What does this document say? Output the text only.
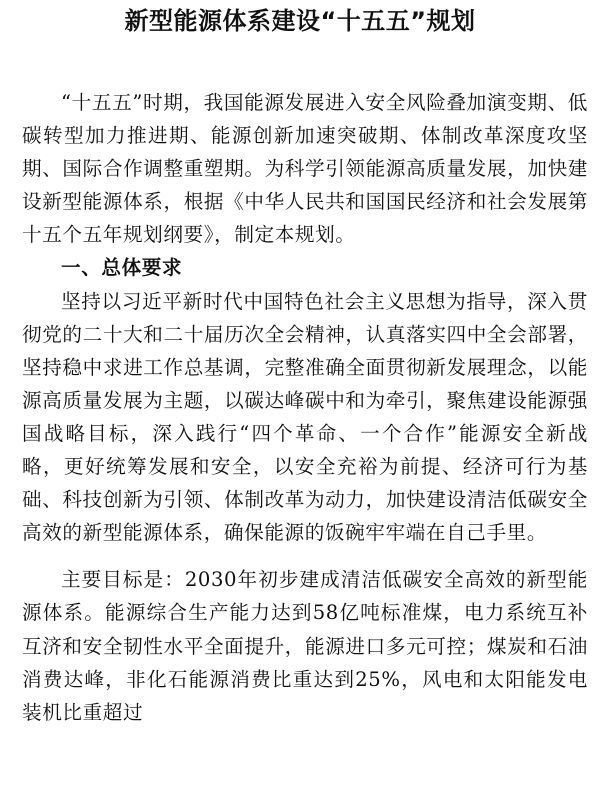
新型能源体系建设“十五五”规划

“十五五”时期，我国能源发展进入安全风险叠加演变期、低碳转型加力推进期、能源创新加速突破期、体制改革深度攻坚期、国际合作调整重塑期。为科学引领能源高质量发展，加快建设新型能源体系，根据《中华人民共和国国民经济和社会发展第十五个五年规划纲要》，制定本规划。

一、总体要求

坚持以习近平新时代中国特色社会主义思想为指导，深入贯彻党的二十大和二十届历次全会精神，认真落实四中全会部署，坚持稳中求进工作总基调，完整准确全面贯彻新发展理念，以能源高质量发展为主题，以碳达峰碳中和为牵引，聚焦建设能源强国战略目标，深入践行“四个革命、一个合作”能源安全新战略，更好统筹发展和安全，以安全充裕为前提、经济可行为基础、科技创新为引领、体制改革为动力，加快建设清洁低碳安全高效的新型能源体系，确保能源的饭碗牢牢端在自己手里。

主要目标是：2030年初步建成清洁低碳安全高效的新型能源体系。能源综合生产能力达到58亿吨标准煤，电力系统互补互济和安全韧性水平全面提升，能源进口多元可控；煤炭和石油消费达峰，非化石能源消费比重达到25%，风电和太阳能发电装机比重超过
